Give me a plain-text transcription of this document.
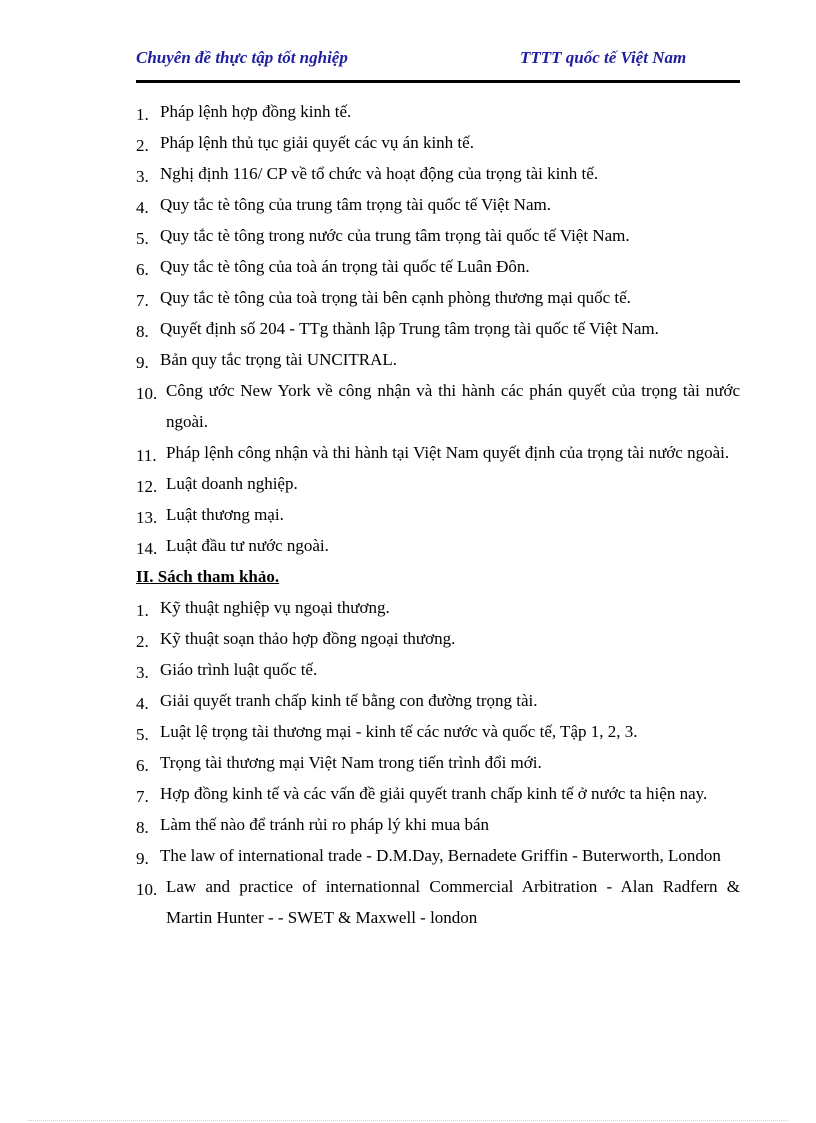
Chuyên đề thực tập tốt nghiệp	TTTT quốc tế Việt Nam
1. Pháp lệnh hợp đồng kinh tế.
2. Pháp lệnh thủ tục giải quyết các vụ án kinh tế.
3. Nghị định 116/ CP về tổ chức và hoạt động của trọng tài kinh tế.
4. Quy tắc tè tông của trung tâm trọng tài quốc tế Việt Nam.
5. Quy tắc tè tông trong nước của trung tâm trọng tài quốc tế Việt Nam.
6. Quy tắc tè tông của toà án trọng tài quốc tế Luân Đôn.
7. Quy tắc tè tông của toà trọng tài bên cạnh phòng thương mại quốc tế.
8. Quyết định số 204 - TTg thành lập Trung tâm trọng tài quốc tế Việt Nam.
9. Bản quy tắc trọng tài UNCITRAL.
10. Công ước New York về công nhận và thi hành các phán quyết của trọng tài nước ngoài.
11. Pháp lệnh công nhận và thi hành tại Việt Nam quyết định của trọng tài nước ngoài.
12. Luật doanh nghiệp.
13. Luật thương mại.
14. Luật đầu tư nước ngoài.
II. Sách tham khảo.
1. Kỹ thuật nghiệp vụ ngoại thương.
2. Kỹ thuật soạn thảo hợp đồng ngoại thương.
3. Giáo trình luật quốc tế.
4. Giải quyết tranh chấp kinh tế bằng con đường trọng tài.
5. Luật lệ trọng tài thương mại - kinh tế các nước và quốc tế, Tập 1, 2, 3.
6. Trọng tài thương mại Việt Nam trong tiến trình đổi mới.
7. Hợp đồng kinh tế và các vấn đề giải quyết tranh chấp kinh tế ở nước ta hiện nay.
8. Làm thế nào để tránh rủi ro pháp lý khi mua bán
9. The law of international trade - D.M.Day, Bernadete Griffin - Buterworth, London
10. Law and practice of internationnal Commercial Arbitration - Alan Radfern & Martin Hunter - - SWET & Maxwell - london
